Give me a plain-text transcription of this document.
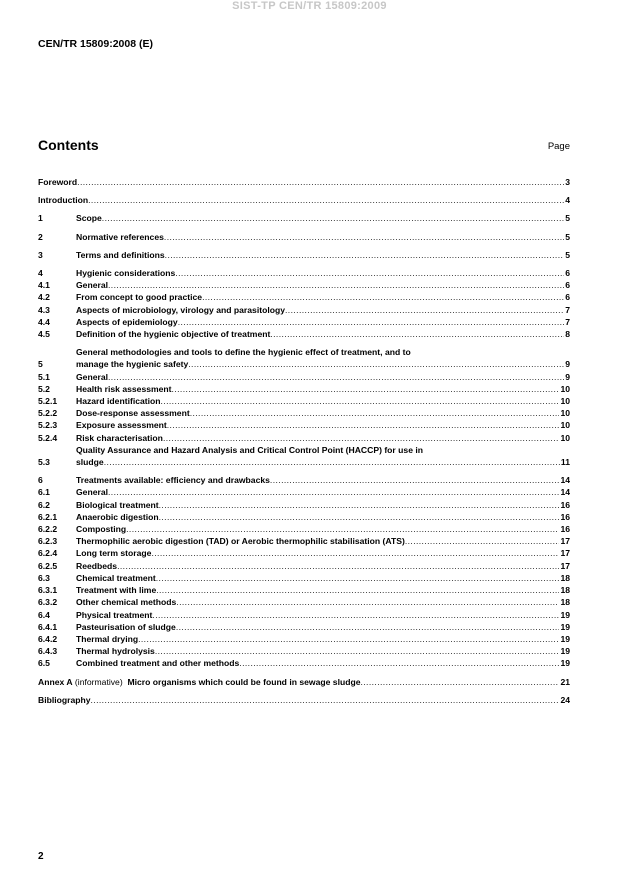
SIST-TP CEN/TR 15809:2009
CEN/TR 15809:2008 (E)
Contents	Page
Foreword .....	3
Introduction .....	4
1	Scope .....	5
2	Normative references .....	5
3	Terms and definitions .....	5
4	Hygienic considerations .....	6
4.1	General .....	6
4.2	From concept to good practice .....	6
4.3	Aspects of microbiology, virology and parasitology .....	7
4.4	Aspects of epidemiology .....	7
4.5	Definition of the hygienic objective of treatment .....	8
5
General methodologies and tools to define the hygienic effect of treatment, and to
manage the hygienic safety .....	9
5.1	General .....	9
5.2	Health risk assessment .....	10
5.2.1	Hazard identification .....	10
5.2.2	Dose-response assessment .....	10
5.2.3	Exposure assessment .....	10
5.2.4	Risk characterisation .....	10
5.3
Quality Assurance and Hazard Analysis and Critical Control Point (HACCP) for use in
sludge .....	11
6	Treatments available: efficiency and drawbacks .....	14
6.1	General .....	14
6.2	Biological treatment .....	16
6.2.1	Anaerobic digestion .....	16
6.2.2	Composting .....	16
6.2.3	Thermophilic aerobic digestion (TAD) or Aerobic thermophilic stabilisation (ATS) .....	17
6.2.4	Long term storage .....	17
6.2.5	Reedbeds .....	17
6.3	Chemical treatment .....	18
6.3.1	Treatment with lime .....	18
6.3.2	Other chemical methods .....	18
6.4	Physical treatment .....	19
6.4.1	Pasteurisation of sludge .....	19
6.4.2	Thermal drying .....	19
6.4.3	Thermal hydrolysis .....	19
6.5	Combined treatment and other methods .....	19
Annex A (informative)  Micro organisms which could be found in sewage sludge .....	21
Bibliography .....	24
2
